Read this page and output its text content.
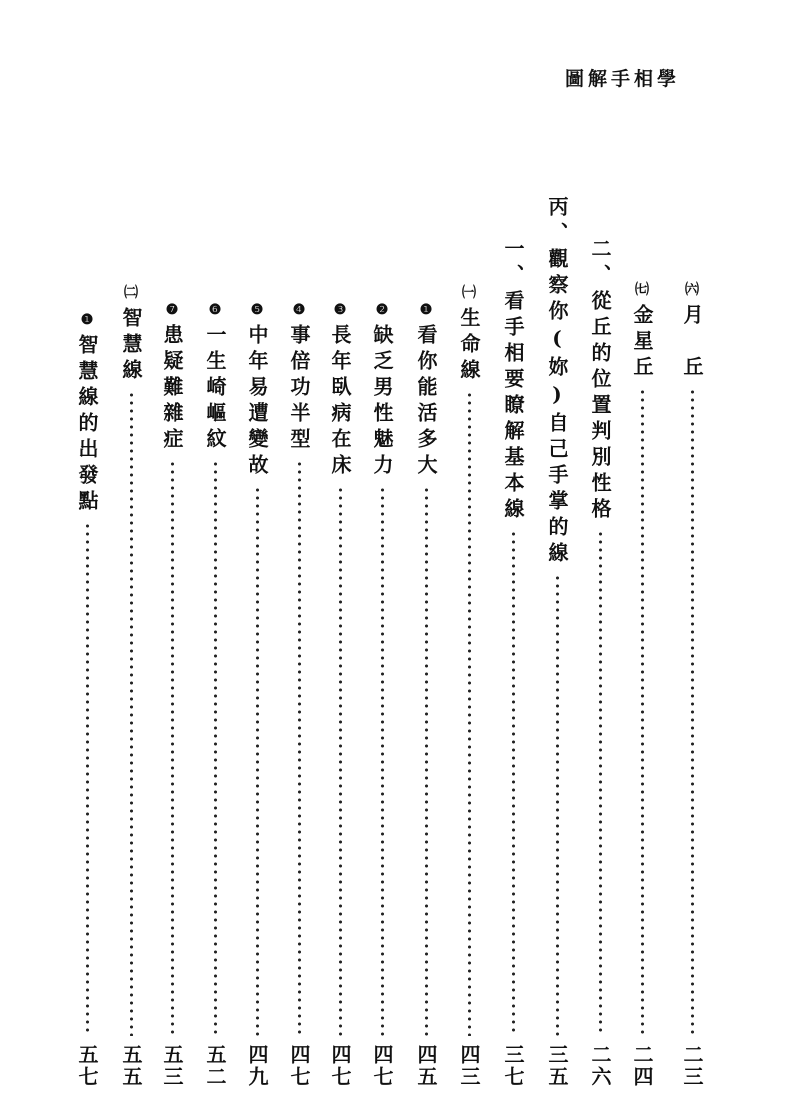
圖解手相學
㈥
月　丘
二三
㈦
金星丘
二四
二、從丘的位置判別性格
二六
丙、觀察你(妳)自己手掌的線
三五
一、看手相要瞭解基本線
三七
㈠
生命線
四三
❶
看你能活多大
四五
❷
缺乏男性魅力
四七
❸
長年臥病在床
四七
❹
事倍功半型
四七
❺
中年易遭變故
四九
❻
一生崎嶇紋
五二
❼
患疑難雜症
五三
㈡
智慧線
五五
❶
智慧線的出發點
五七
